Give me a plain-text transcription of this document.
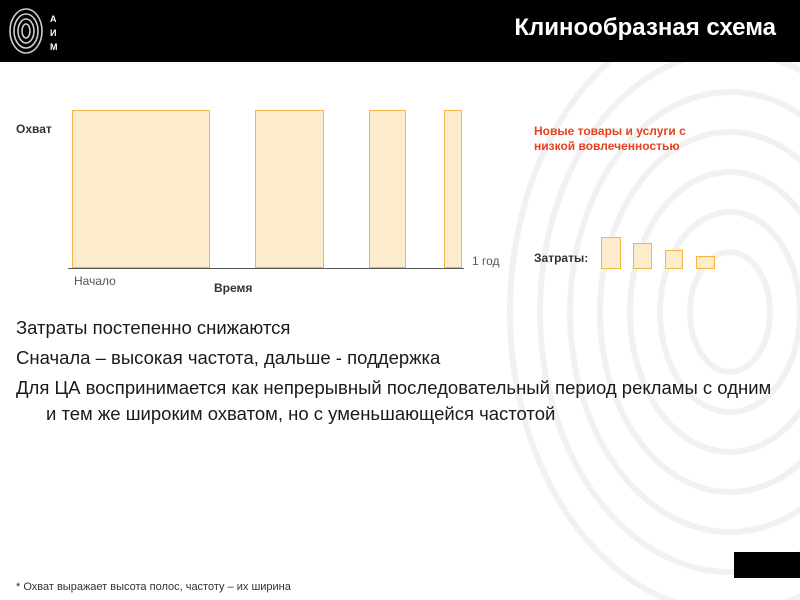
А
И
М
Клинообразная схема
Охват
Начало	Время
1 год
Новые товары и услуги с низкой вовлеченностью
Затраты:
Затраты постепенно снижаются
Сначала – высокая частота, дальше - поддержка
Для ЦА воспринимается как непрерывный последовательный период рекламы с одним и тем же широким охватом, но с уменьшающейся частотой
* Охват выражает высота полос, частоту – их ширина
